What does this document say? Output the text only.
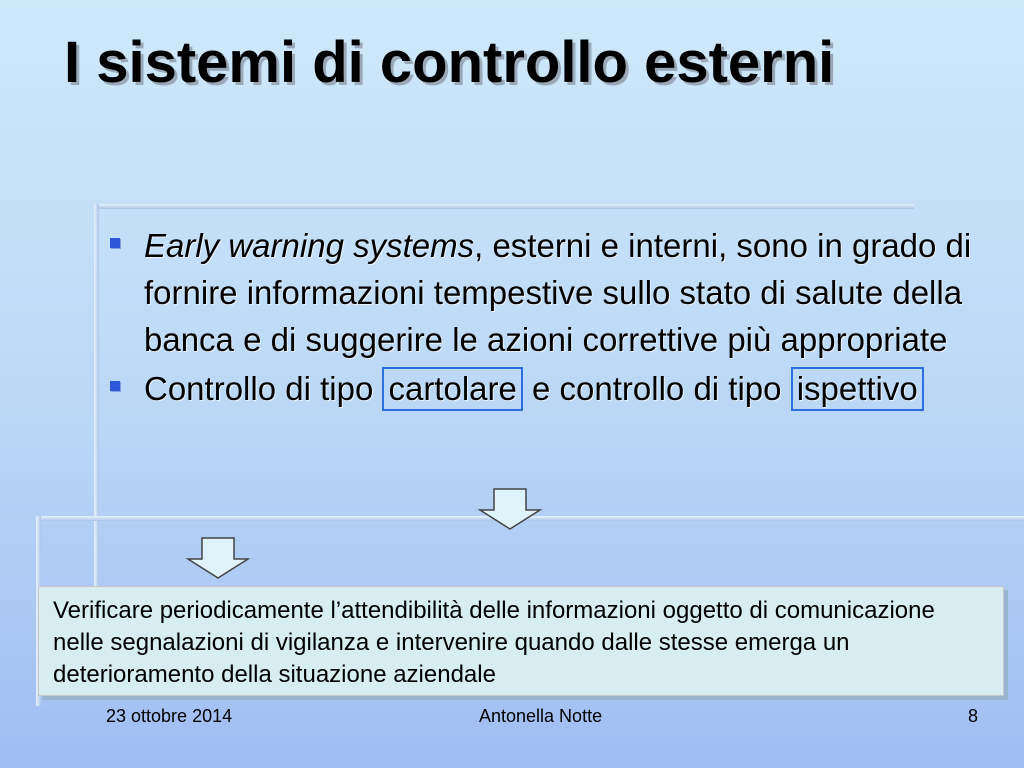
I sistemi di controllo esterni
Early warning systems, esterni e interni, sono in grado di fornire informazioni tempestive sullo stato di salute della banca e di suggerire le azioni correttive più appropriate
Controllo di tipo cartolare e controllo di tipo ispettivo
Verificare periodicamente l’attendibilità delle informazioni oggetto di comunicazione nelle segnalazioni di vigilanza e intervenire quando dalle stesse emerga un deterioramento della situazione aziendale
23 ottobre 2014	Antonella Notte	8
